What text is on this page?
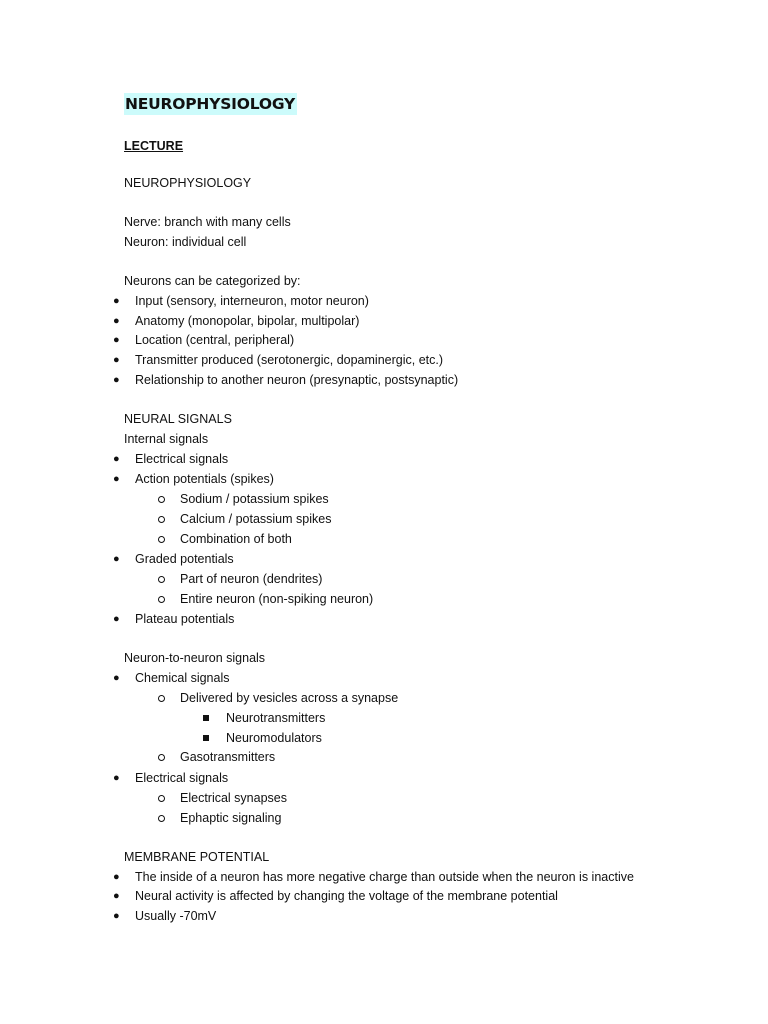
NEUROPHYSIOLOGY
LECTURE
NEUROPHYSIOLOGY
Nerve: branch with many cells
Neuron: individual cell
Neurons can be categorized by:
Input (sensory, interneuron, motor neuron)
●
Anatomy (monopolar, bipolar, multipolar)
●
Location (central, peripheral)
●
Transmitter produced (serotonergic, dopaminergic, etc.)
●
Relationship to another neuron (presynaptic, postsynaptic)
●
NEURAL SIGNALS
Internal signals
Electrical signals
●
Action potentials (spikes)
●
Sodium / potassium spikes
Calcium / potassium spikes
Combination of both
Graded potentials
●
Part of neuron (dendrites)
Entire neuron (non-spiking neuron)
Plateau potentials
●
Neuron-to-neuron signals
Chemical signals
●
Delivered by vesicles across a synapse
Neurotransmitters
Neuromodulators
Gasotransmitters
Electrical signals
●
Electrical synapses
Ephaptic signaling
MEMBRANE POTENTIAL
The inside of a neuron has more negative charge than outside when the neuron is inactive
●
Neural activity is affected by changing the voltage of the membrane potential
●
Usually -70mV
●
